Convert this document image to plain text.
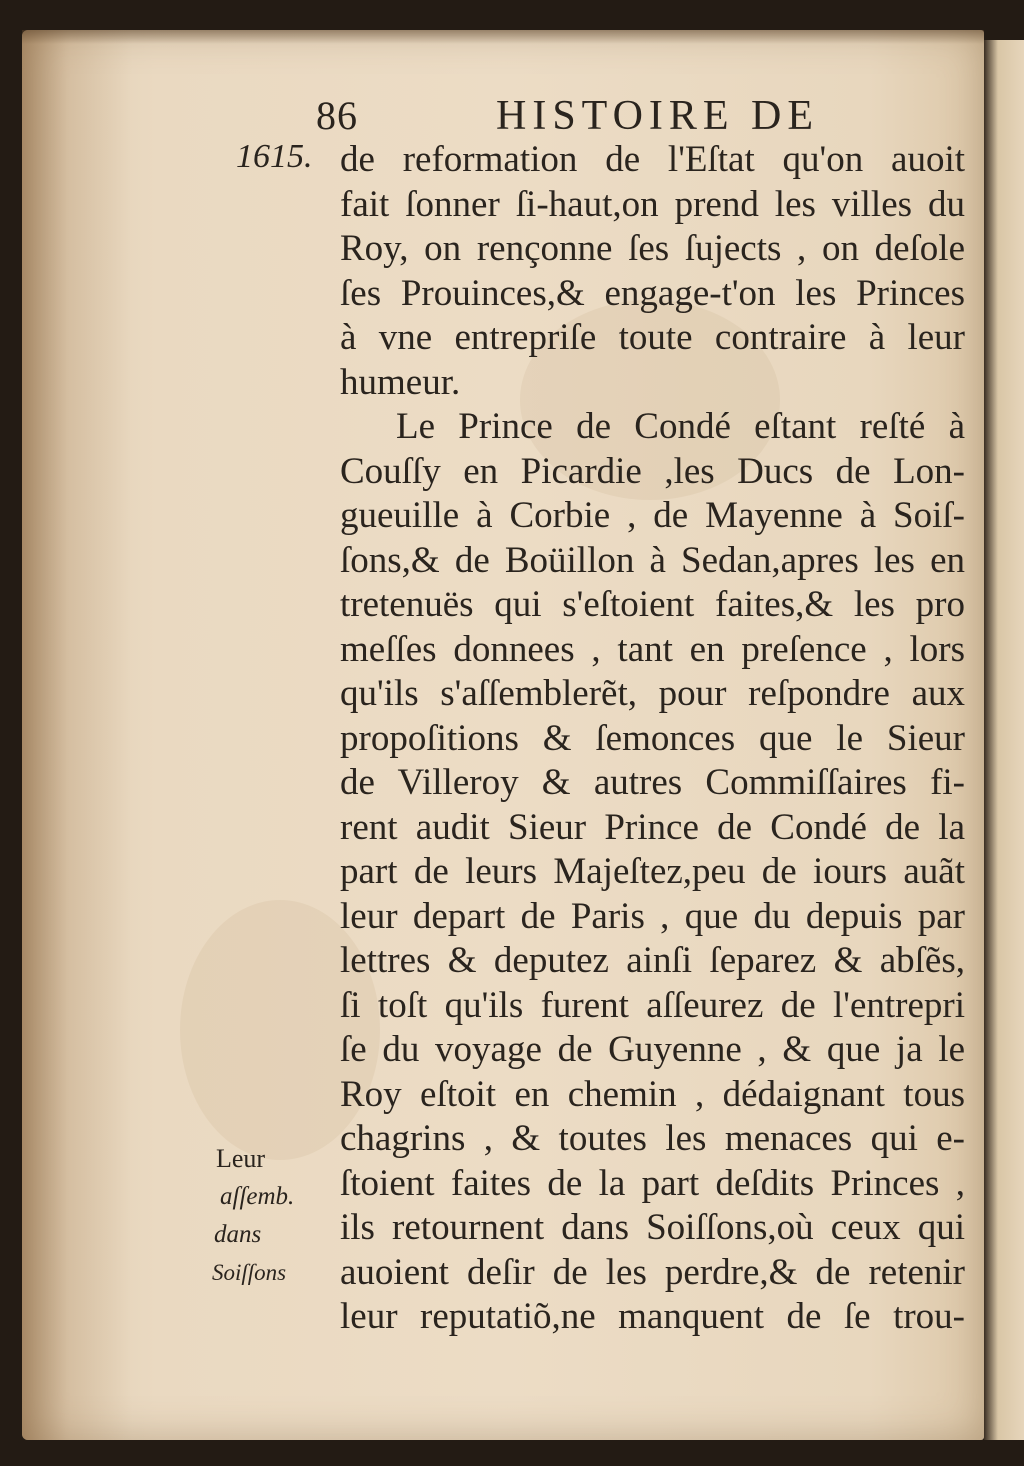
86	HISTOIRE DE
1615. de reformation de l'Eſtat qu'on auoit
fait ſonner ſi-haut,on prend les villes du
Roy, on rençonne ſes ſujects , on deſole
ſes Prouinces,& engage-t'on les Princes
à vne entrepriſe toute contraire à leur
humeur.
Le Prince de Condé eſtant reſté à
Couſſy en Picardie ,les Ducs de Lon-
gueuille à Corbie , de Mayenne à Soiſ-
ſons,& de Boüillon à Sedan,apres les en
tretenuës qui s'eſtoient faites,& les pro
meſſes donnees , tant en preſence , lors
qu'ils s'aſſemblerẽt, pour reſpondre aux
propoſitions & ſemonces que le Sieur
de Villeroy & autres Commiſſaires fi-
rent audit Sieur Prince de Condé de la
part de leurs Majeſtez,peu de iours auãt
leur depart de Paris , que du depuis par
lettres & deputez ainſi ſeparez & abſẽs,
ſi toſt qu'ils furent aſſeurez de l'entrepri
ſe du voyage de Guyenne , & que ja le
Roy eſtoit en chemin , dédaignant tous
chagrins , & toutes les menaces qui e-
ſtoient faites de la part deſdits Princes ,
ils retournent dans Soiſſons,où ceux qui
auoient deſir de les perdre,& de retenir
leur reputatiõ,ne manquent de ſe trou-
Leur
aſſemb.
dans
Soiſſons
